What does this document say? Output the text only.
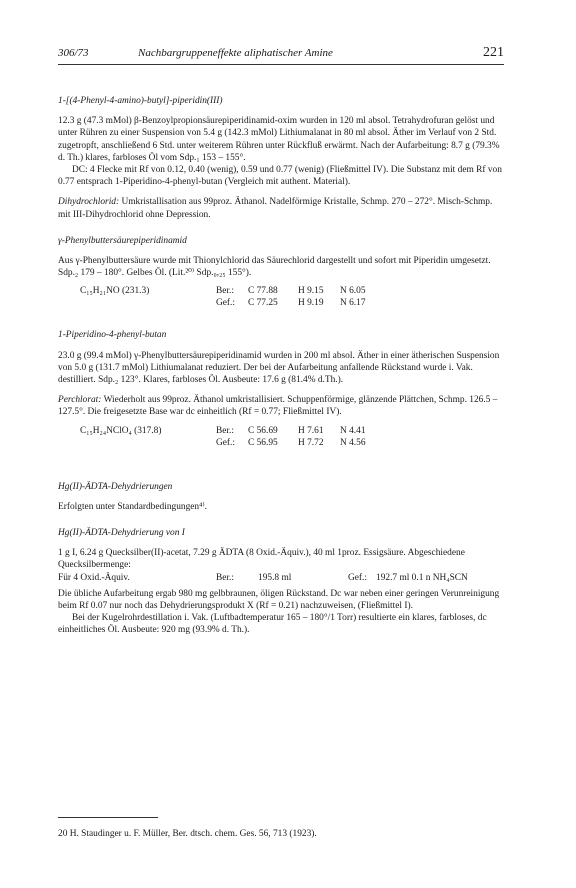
306/73	Nachbargruppeneffekte aliphatischer Amine	221

1-[(4-Phenyl-4-amino)-butyl]-piperidin(III)

12.3 g (47.3 mMol) β-Benzoylpropionsäurepiperidinamid-oxim wurden in 120 ml absol. Tetrahydrofuran gelöst und unter Rühren zu einer Suspension von 5.4 g (142.3 mMol) Lithiumalanat in 80 ml absol. Äther im Verlauf von 2 Std. zugetropft, anschließend 6 Std. unter weiterem Rühren unter Rückfluß erwärmt. Nach der Aufarbeitung: 8.7 g (79.3% d. Th.) klares, farbloses Öl vom Sdp.₁ 153 – 155°.

DC: 4 Flecke mit Rf von 0.12, 0.40 (wenig), 0.59 und 0.77 (wenig) (Fließmittel IV). Die Substanz mit dem Rf von 0.77 entsprach 1-Piperidino-4-phenyl-butan (Vergleich mit authent. Material).

Dihydrochlorid: Umkristallisation aus 99proz. Äthanol. Nadelförmige Kristalle, Schmp. 270 – 272°. Misch-Schmp. mit III-Dihydrochlorid ohne Depression.

γ-Phenylbuttersäurepiperidinamid

Aus γ-Phenylbuttersäure wurde mit Thionylchlorid das Säurechlorid dargestellt und sofort mit Piperidin umgesetzt. Sdp.₂ 179 – 180°. Gelbes Öl. (Lit.²⁰⁾ Sdp.₀,₂₅ 155°).

C₁₅H₂₁NO (231.3)	Ber.: C 77.88 H 9.15 N 6.05
Gef.: C 77.25 H 9.19 N 6.17

1-Piperidino-4-phenyl-butan

23.0 g (99.4 mMol) γ-Phenylbuttersäurepiperidinamid wurden in 200 ml absol. Äther in einer ätherischen Suspension von 5.0 g (131.7 mMol) Lithiumalanat reduziert. Der bei der Aufarbeitung anfallende Rückstand wurde i. Vak. destilliert. Sdp.₂ 123°. Klares, farbloses Öl. Ausbeute: 17.6 g (81.4% d.Th.).

Perchlorat: Wiederholt aus 99proz. Äthanol umkristallisiert. Schuppenförmige, glänzende Plättchen, Schmp. 126.5 – 127.5°. Die freigesetzte Base war dc einheitlich (Rf = 0.77; Fließmittel IV).

C₁₅H₂₄NClO₄ (317.8)	Ber.: C 56.69 H 7.61 N 4.41
Gef.: C 56.95 H 7.72 N 4.56

Hg(II)-ÄDTA-Dehydrierungen

Erfolgten unter Standardbedingungen⁴⁾.

Hg(II)-ÄDTA-Dehydrierung von I

1 g I, 6.24 g Quecksilber(II)-acetat, 7.29 g ÄDTA (8 Oxid.-Äquiv.), 40 ml 1proz. Essigsäure. Abgeschiedene Quecksilbermenge:

Für 4 Oxid.-Äquiv.	Ber.:	195.8 ml	Gef.: 192.7 ml 0.1 n NH₄SCN

Die übliche Aufarbeitung ergab 980 mg gelbbraunen, öligen Rückstand. Dc war neben einer geringen Verunreinigung beim Rf 0.07 nur noch das Dehydrierungsprodukt X (Rf = 0.21) nachzuweisen, (Fließmittel I).

Bei der Kugelrohrdestillation i. Vak. (Luftbadtemperatur 165 – 180°/1 Torr) resultierte ein klares, farbloses, dc einheitliches Öl. Ausbeute: 920 mg (93.9% d. Th.).

20 H. Staudinger u. F. Müller, Ber. dtsch. chem. Ges. 56, 713 (1923).
